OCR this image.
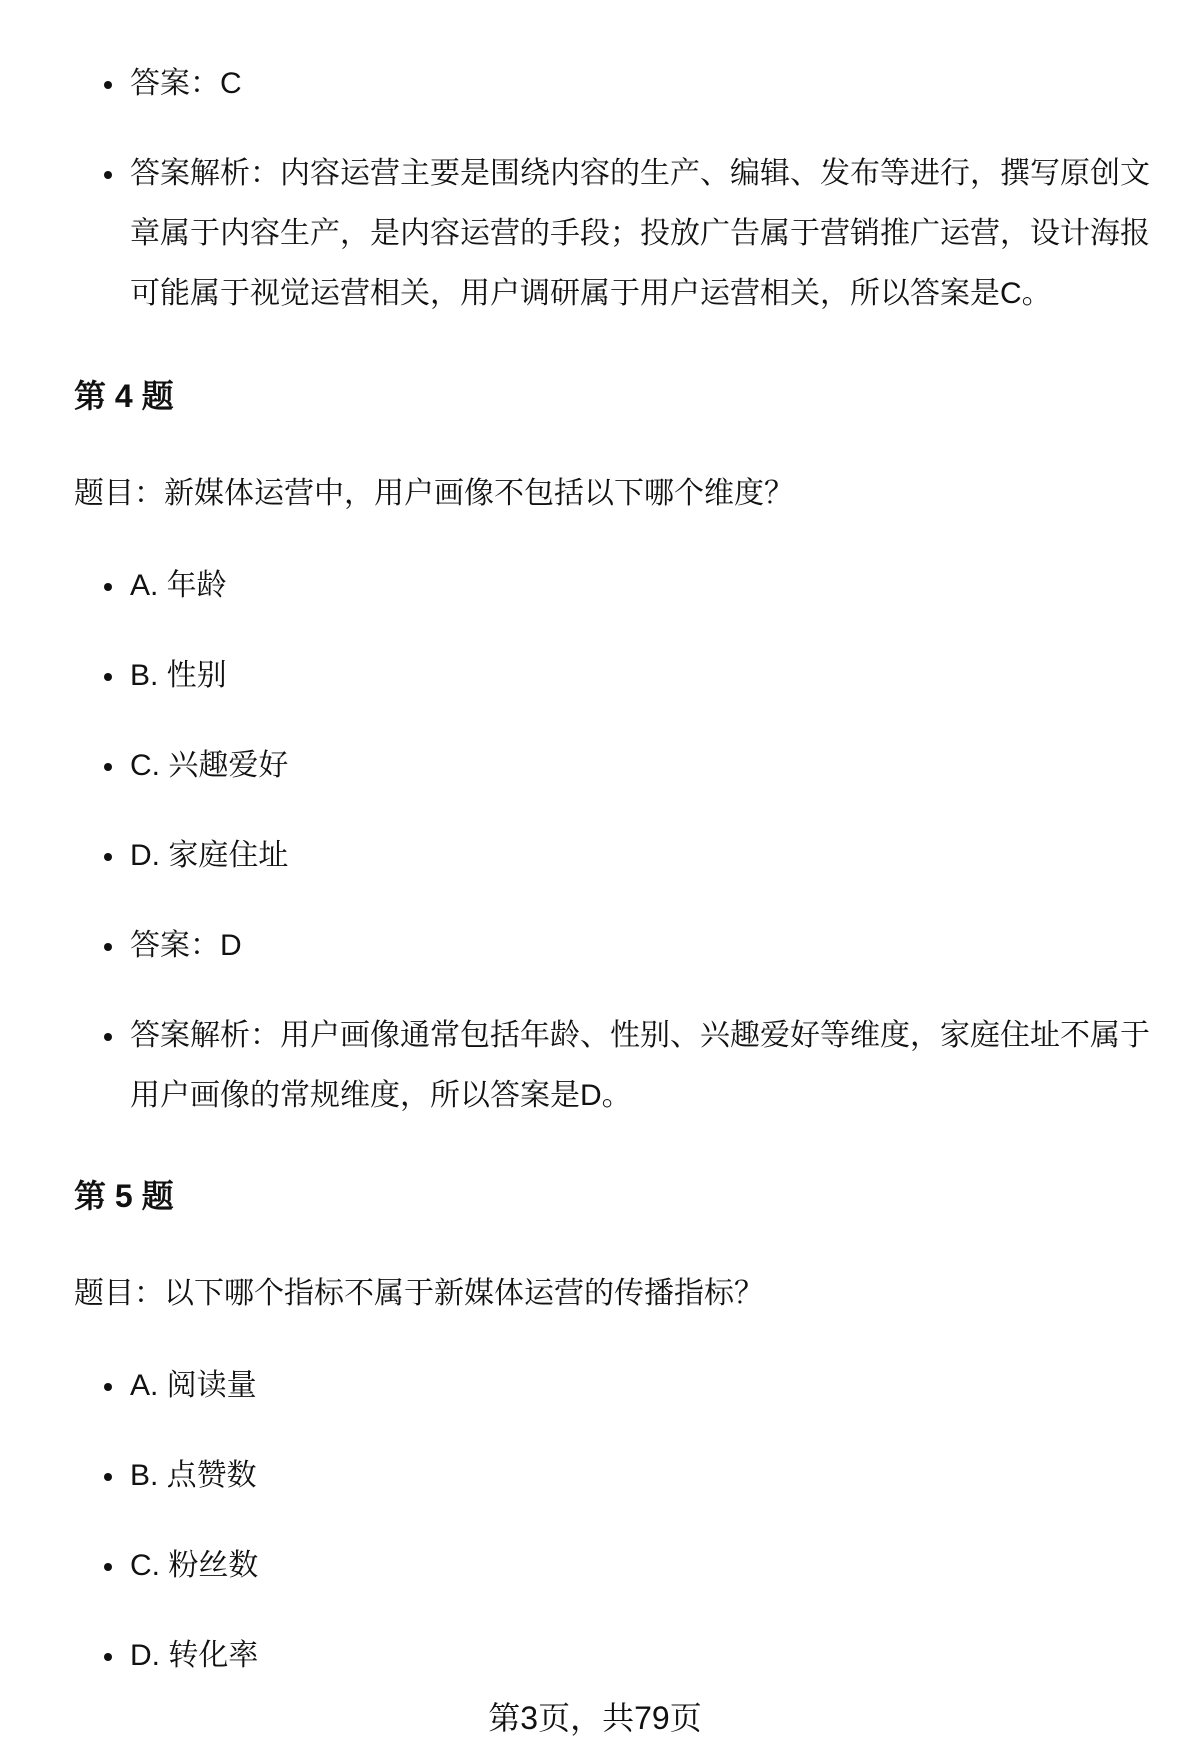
答案：C
答案解析：内容运营主要是围绕内容的生产、编辑、发布等进行，撰写原创文章属于内容生产，是内容运营的手段；投放广告属于营销推广运营，设计海报可能属于视觉运营相关，用户调研属于用户运营相关，所以答案是C。
第 4 题
题目：新媒体运营中，用户画像不包括以下哪个维度？
A. 年龄
B. 性别
C. 兴趣爱好
D. 家庭住址
答案：D
答案解析：用户画像通常包括年龄、性别、兴趣爱好等维度，家庭住址不属于用户画像的常规维度，所以答案是D。
第 5 题
题目：以下哪个指标不属于新媒体运营的传播指标？
A. 阅读量
B. 点赞数
C. 粉丝数
D. 转化率
第3页，共79页
